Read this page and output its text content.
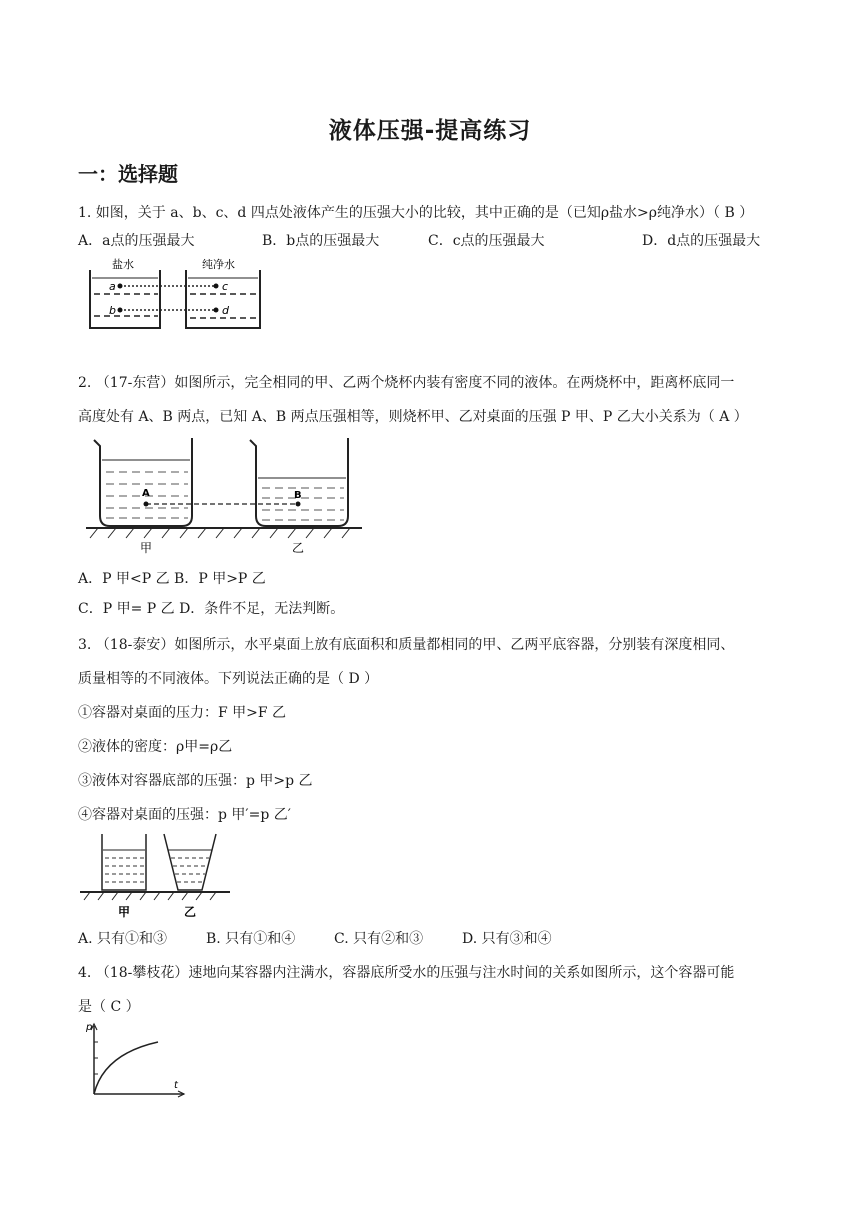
液体压强-提高练习
一：选择题
1. 如图，关于 a、b、c、d 四点处液体产生的压强大小的比较，其中正确的是（已知ρ盐水>ρ纯净水）（ B ）
A．a点的压强最大	B．b点的压强最大	C．c点的压强最大	D．d点的压强最大
盐水	纯净水
a
b
c
d
2. （17-东营）如图所示，完全相同的甲、乙两个烧杯内装有密度不同的液体。在两烧杯中，距离杯底同一
高度处有 A、B 两点，已知 A、B 两点压强相等，则烧杯甲、乙对桌面的压强 P 甲、P 乙大小关系为（ A ）
A	B
甲	乙
A．P 甲<P 乙 B．P 甲>P 乙
C．P 甲= P 乙 D．条件不足，无法判断。
3. （18-泰安）如图所示，水平桌面上放有底面积和质量都相同的甲、乙两平底容器，分别装有深度相同、
质量相等的不同液体。下列说法正确的是（ D ）
①容器对桌面的压力：F 甲>F 乙
②液体的密度：ρ甲=ρ乙
③液体对容器底部的压强：p 甲>p 乙
④容器对桌面的压强：p 甲′=p 乙′
甲	乙
A. 只有①和③	B. 只有①和④	C. 只有②和③	D. 只有③和④
4. （18-攀枝花）速地向某容器内注满水，容器底所受水的压强与注水时间的关系如图所示，这个容器可能
是（ C ）
p
t
